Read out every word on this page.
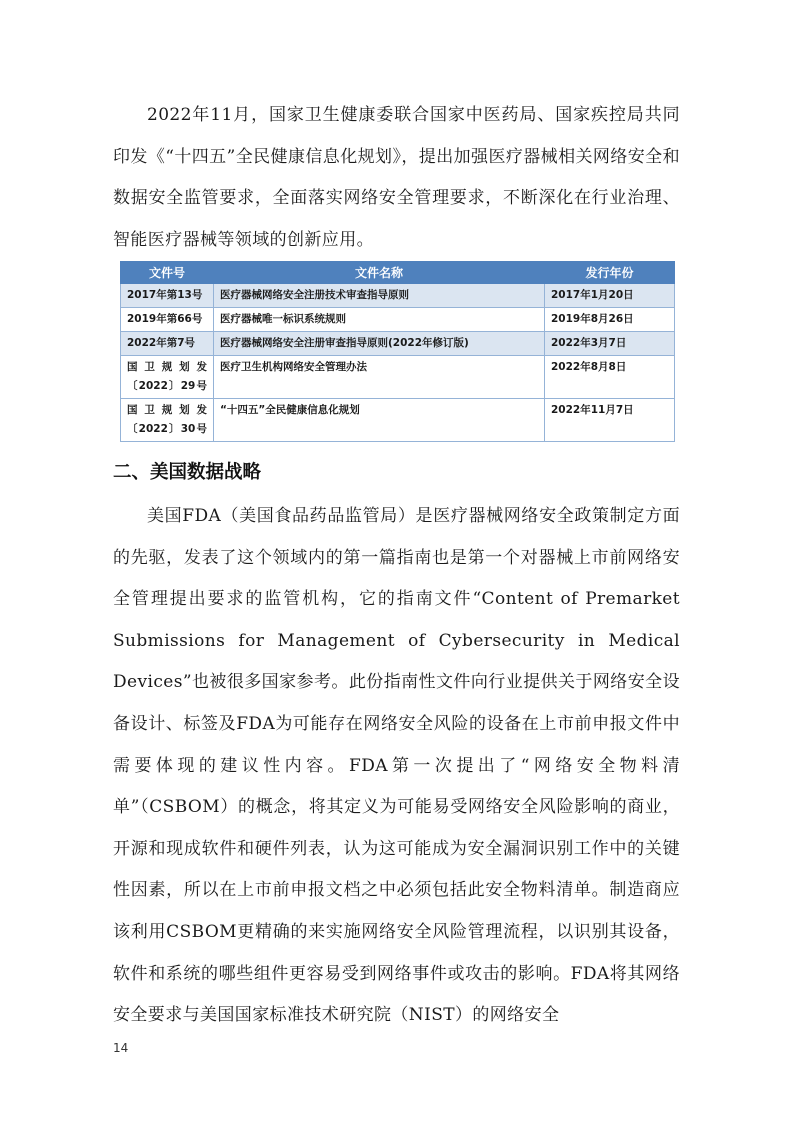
2022年11月，国家卫生健康委联合国家中医药局、国家疾控局共同印发《“十四五”全民健康信息化规划》，提出加强医疗器械相关网络安全和数据安全监管要求，全面落实网络安全管理要求，不断深化在行业治理、智能医疗器械等领域的创新应用。

文件号	文件名称	发行年份
2017年第13号	医疗器械网络安全注册技术审查指导原则	2017年1月20日
2019年第66号	医疗器械唯一标识系统规则	2019年8月26日
2022年第7号	医疗器械网络安全注册审查指导原则(2022年修订版)	2022年3月7日
国卫规划发〔2022〕29号	医疗卫生机构网络安全管理办法	2022年8月8日
国卫规划发〔2022〕30号	“十四五”全民健康信息化规划	2022年11月7日
二、美国数据战略

美国FDA（美国食品药品监管局）是医疗器械网络安全政策制定方面的先驱，发表了这个领域内的第一篇指南也是第一个对器械上市前网络安全管理提出要求的监管机构，它的指南文件“Content of Premarket Submissions for Management of Cybersecurity in Medical Devices”也被很多国家参考。此份指南性文件向行业提供关于网络安全设备设计、标签及FDA为可能存在网络安全风险的设备在上市前申报文件中需要体现的建议性内容。FDA第一次提出了“网络安全物料清单”（CSBOM）的概念，将其定义为可能易受网络安全风险影响的商业，开源和现成软件和硬件列表，认为这可能成为安全漏洞识别工作中的关键性因素，所以在上市前申报文档之中必须包括此安全物料清单。制造商应该利用CSBOM更精确的来实施网络安全风险管理流程，以识别其设备，软件和系统的哪些组件更容易受到网络事件或攻击的影响。FDA将其网络安全要求与美国国家标准技术研究院（NIST）的网络安全

14
